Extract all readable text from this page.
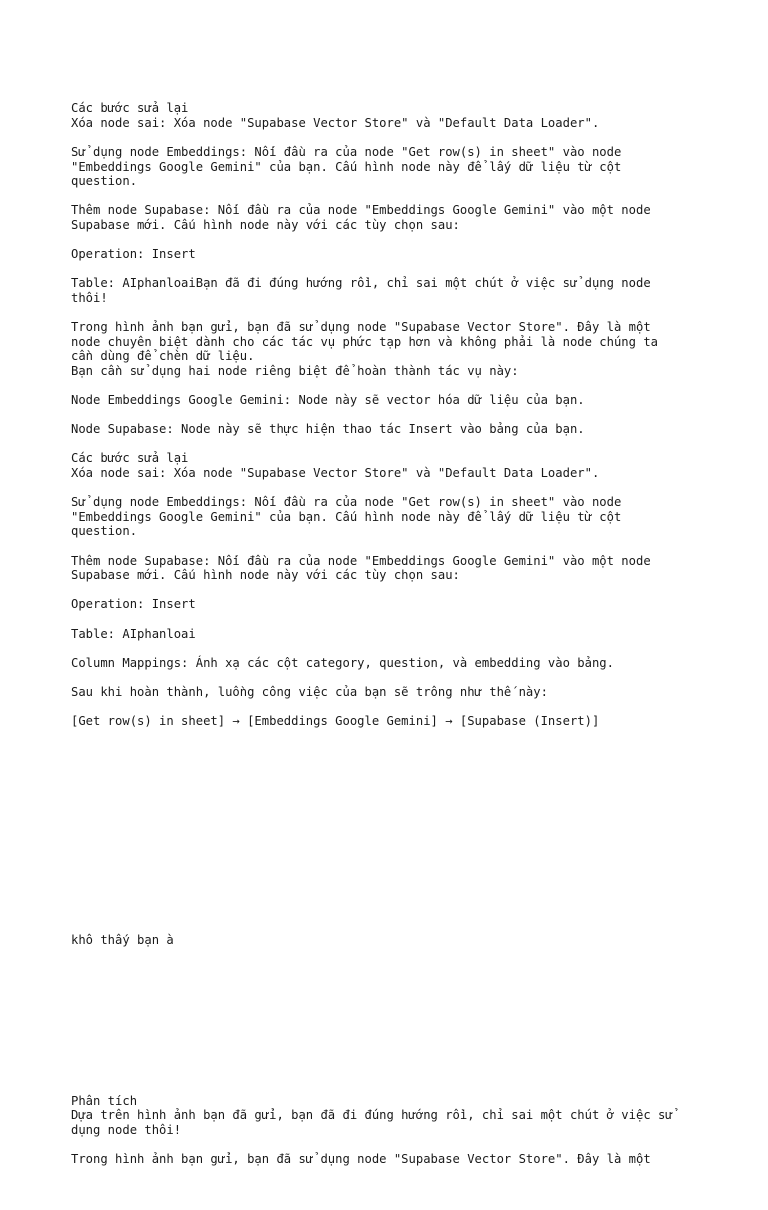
Các bước sửa lại
Xóa node sai: Xóa node "Supabase Vector Store" và "Default Data Loader".
Sử dụng node Embeddings: Nối đầu ra của node "Get row(s) in sheet" vào node
"Embeddings Google Gemini" của bạn. Cấu hình node này để lấy dữ liệu từ cột
question.
Thêm node Supabase: Nối đầu ra của node "Embeddings Google Gemini" vào một node
Supabase mới. Cấu hình node này với các tùy chọn sau:
Operation: Insert
Table: AIphanloaiBạn đã đi đúng hướng rồi, chỉ sai một chút ở việc sử dụng node
thôi!
Trong hình ảnh bạn gửi, bạn đã sử dụng node "Supabase Vector Store". Đây là một
node chuyên biệt dành cho các tác vụ phức tạp hơn và không phải là node chúng ta
cần dùng để chèn dữ liệu.
Bạn cần sử dụng hai node riêng biệt để hoàn thành tác vụ này:
Node Embeddings Google Gemini: Node này sẽ vector hóa dữ liệu của bạn.
Node Supabase: Node này sẽ thực hiện thao tác Insert vào bảng của bạn.
Các bước sửa lại
Xóa node sai: Xóa node "Supabase Vector Store" và "Default Data Loader".
Sử dụng node Embeddings: Nối đầu ra của node "Get row(s) in sheet" vào node
"Embeddings Google Gemini" của bạn. Cấu hình node này để lấy dữ liệu từ cột
question.
Thêm node Supabase: Nối đầu ra của node "Embeddings Google Gemini" vào một node
Supabase mới. Cấu hình node này với các tùy chọn sau:
Operation: Insert
Table: AIphanloai
Column Mappings: Ánh xạ các cột category, question, và embedding vào bảng.
Sau khi hoàn thành, luồng công việc của bạn sẽ trông như thế này:
[Get row(s) in sheet] → [Embeddings Google Gemini] → [Supabase (Insert)]

khô thấy bạn à

Phân tích
Dựa trên hình ảnh bạn đã gửi, bạn đã đi đúng hướng rồi, chỉ sai một chút ở việc sử
dụng node thôi!
Trong hình ảnh bạn gửi, bạn đã sử dụng node "Supabase Vector Store". Đây là một
